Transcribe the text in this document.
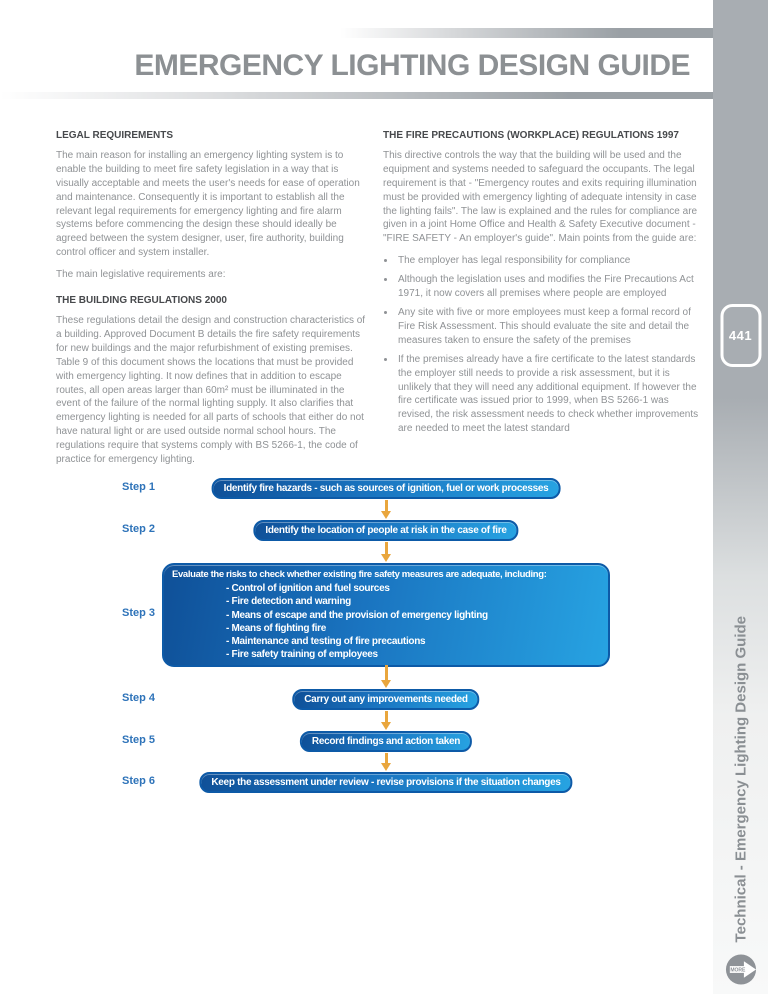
EMERGENCY LIGHTING DESIGN GUIDE
LEGAL REQUIREMENTS

The main reason for installing an emergency lighting system is to enable the building to meet fire safety legislation in a way that is visually acceptable and meets the user's needs for ease of operation and maintenance. Consequently it is important to establish all the relevant legal requirements for emergency lighting and fire alarm systems before commencing the design these should ideally be agreed between the system designer, user, fire authority, building control officer and system installer.

The main legislative requirements are:

THE BUILDING REGULATIONS 2000

These regulations detail the design and construction characteristics of a building. Approved Document B details the fire safety requirements for new buildings and the major refurbishment of existing premises. Table 9 of this document shows the locations that must be provided with emergency lighting. It now defines that in addition to escape routes, all open areas larger than 60m² must be illuminated in the event of the failure of the normal lighting supply. It also clarifies that emergency lighting is needed for all parts of schools that either do not have natural light or are used outside normal school hours. The regulations require that systems comply with BS 5266-1, the code of practice for emergency lighting.

THE FIRE PRECAUTIONS (WORKPLACE) REGULATIONS 1997

This directive controls the way that the building will be used and the equipment and systems needed to safeguard the occupants. The legal requirement is that - "Emergency routes and exits requiring illumination must be provided with emergency lighting of adequate intensity in case the lighting fails". The law is explained and the rules for compliance are given in a joint Home Office and Health & Safety Executive document - "FIRE SAFETY - An employer's guide". Main points from the guide are:

• The employer has legal responsibility for compliance
• Although the legislation uses and modifies the Fire Precautions Act 1971, it now covers all premises where people are employed
• Any site with five or more employees must keep a formal record of Fire Risk Assessment. This should evaluate the site and detail the measures taken to ensure the safety of the premises
• If the premises already have a fire certificate to the latest standards the employer still needs to provide a risk assessment, but it is unlikely that they will need any additional equipment. If however the fire certificate was issued prior to 1999, when BS 5266-1 was revised, the risk assessment needs to check whether improvements are needed to meet the latest standard
Step 1	Identify fire hazards - such as sources of ignition, fuel or work processes
Step 2	Identify the location of people at risk in the case of fire
Step 3
Evaluate the risks to check whether existing fire safety measures are adequate, including:
- Control of ignition and fuel sources
- Fire detection and warning
- Means of escape and the provision of emergency lighting
- Means of fighting fire
- Maintenance and testing of fire precautions
- Fire safety training of employees
Step 4	Carry out any improvements needed
Step 5	Record findings and action taken
Step 6	Keep the assessment under review - revise provisions if the situation changes
441
Technical - Emergency Lighting Design Guide
MORE
